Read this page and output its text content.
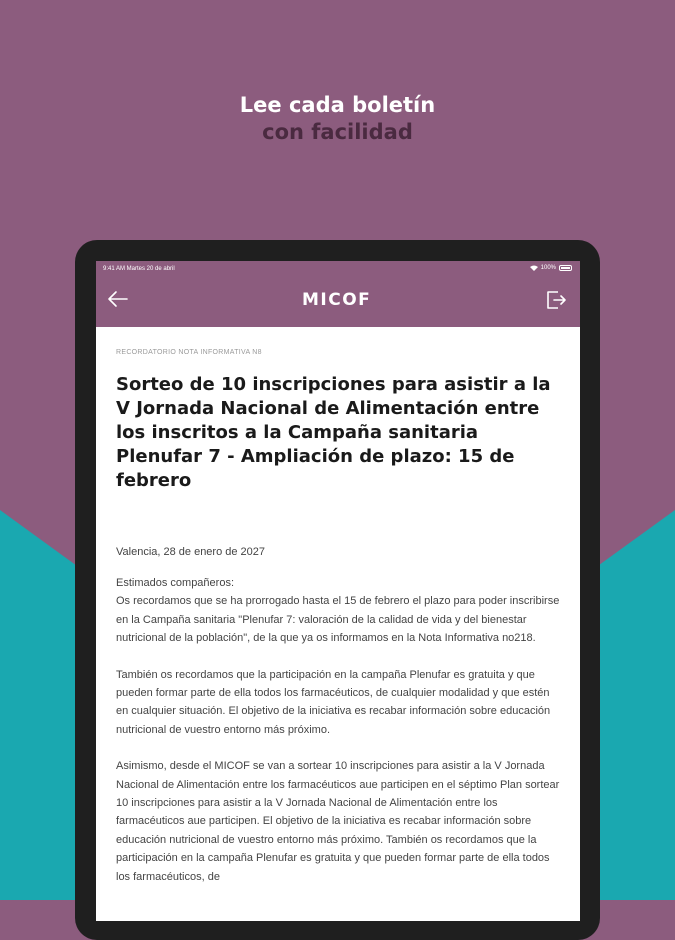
Lee cada boletín
con facilidad
9:41 AM Martes 20 de abril	100%
MICOF
RECORDATORIO NOTA INFORMATIVA N8
Sorteo de 10 inscripciones para asistir a la V Jornada Nacional de Alimentación entre los inscritos a la Campaña sanitaria Plenufar 7 - Ampliación de plazo: 15 de febrero
Valencia, 28 de enero de 2027
Estimados compañeros:
Os recordamos que se ha prorrogado hasta el 15 de febrero el plazo para poder inscribirse en la Campaña sanitaria "Plenufar 7: valoración de la calidad de vida y del bienestar nutricional de la población", de la que ya os informamos en la Nota Informativa no218.
También os recordamos que la participación en la campaña Plenufar es gratuita y que pueden formar parte de ella todos los farmacéuticos, de cualquier modalidad y que estén en cualquier situación. El objetivo de la iniciativa es recabar información sobre educación nutricional de vuestro entorno más próximo.
Asimismo, desde el MICOF se van a sortear 10 inscripciones para asistir a la V Jornada Nacional de Alimentación entre los farmacéuticos aue participen en el séptimo Plan sortear 10 inscripciones para asistir a la V Jornada Nacional de Alimentación entre los farmacéuticos aue participen. El objetivo de la iniciativa es recabar información sobre educación nutricional de vuestro entorno más próximo. También os recordamos que la participación en la campaña Plenufar es gratuita y que pueden formar parte de ella todos los farmacéuticos, de
